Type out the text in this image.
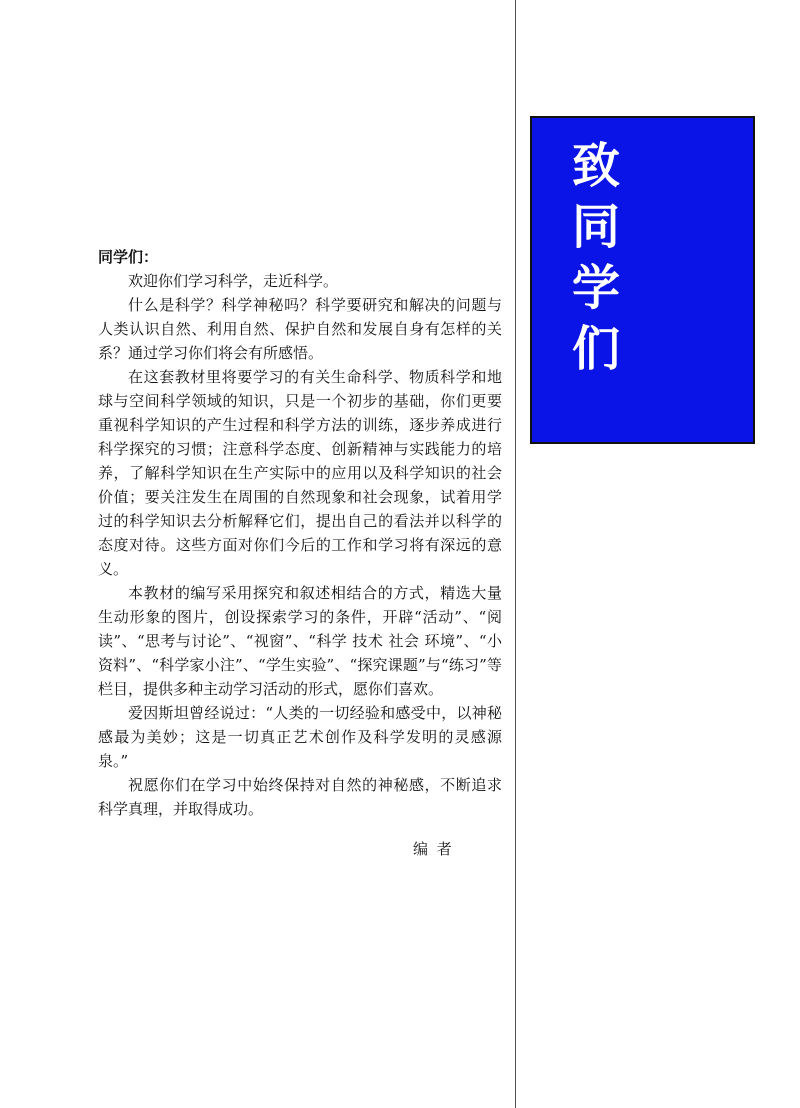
致
同
学
们

同学们：

欢迎你们学习科学，走近科学。

什么是科学？科学神秘吗？科学要研究和解决的问题与人类认识自然、利用自然、保护自然和发展自身有怎样的关系？通过学习你们将会有所感悟。

在这套教材里将要学习的有关生命科学、物质科学和地球与空间科学领域的知识，只是一个初步的基础，你们更要重视科学知识的产生过程和科学方法的训练，逐步养成进行科学探究的习惯；注意科学态度、创新精神与实践能力的培养，了解科学知识在生产实际中的应用以及科学知识的社会价值；要关注发生在周围的自然现象和社会现象，试着用学过的科学知识去分析解释它们，提出自己的看法并以科学的态度对待。这些方面对你们今后的工作和学习将有深远的意义。

本教材的编写采用探究和叙述相结合的方式，精选大量生动形象的图片，创设探索学习的条件，开辟“活动”、“阅读”、“思考与讨论”、“视窗”、“科学 技术 社会 环境”、“小资料”、“科学家小注”、“学生实验”、“探究课题”与“练习”等栏目，提供多种主动学习活动的形式，愿你们喜欢。

爱因斯坦曾经说过：“人类的一切经验和感受中，以神秘感最为美妙；这是一切真正艺术创作及科学发明的灵感源泉。”

祝愿你们在学习中始终保持对自然的神秘感，不断追求科学真理，并取得成功。

编 者
